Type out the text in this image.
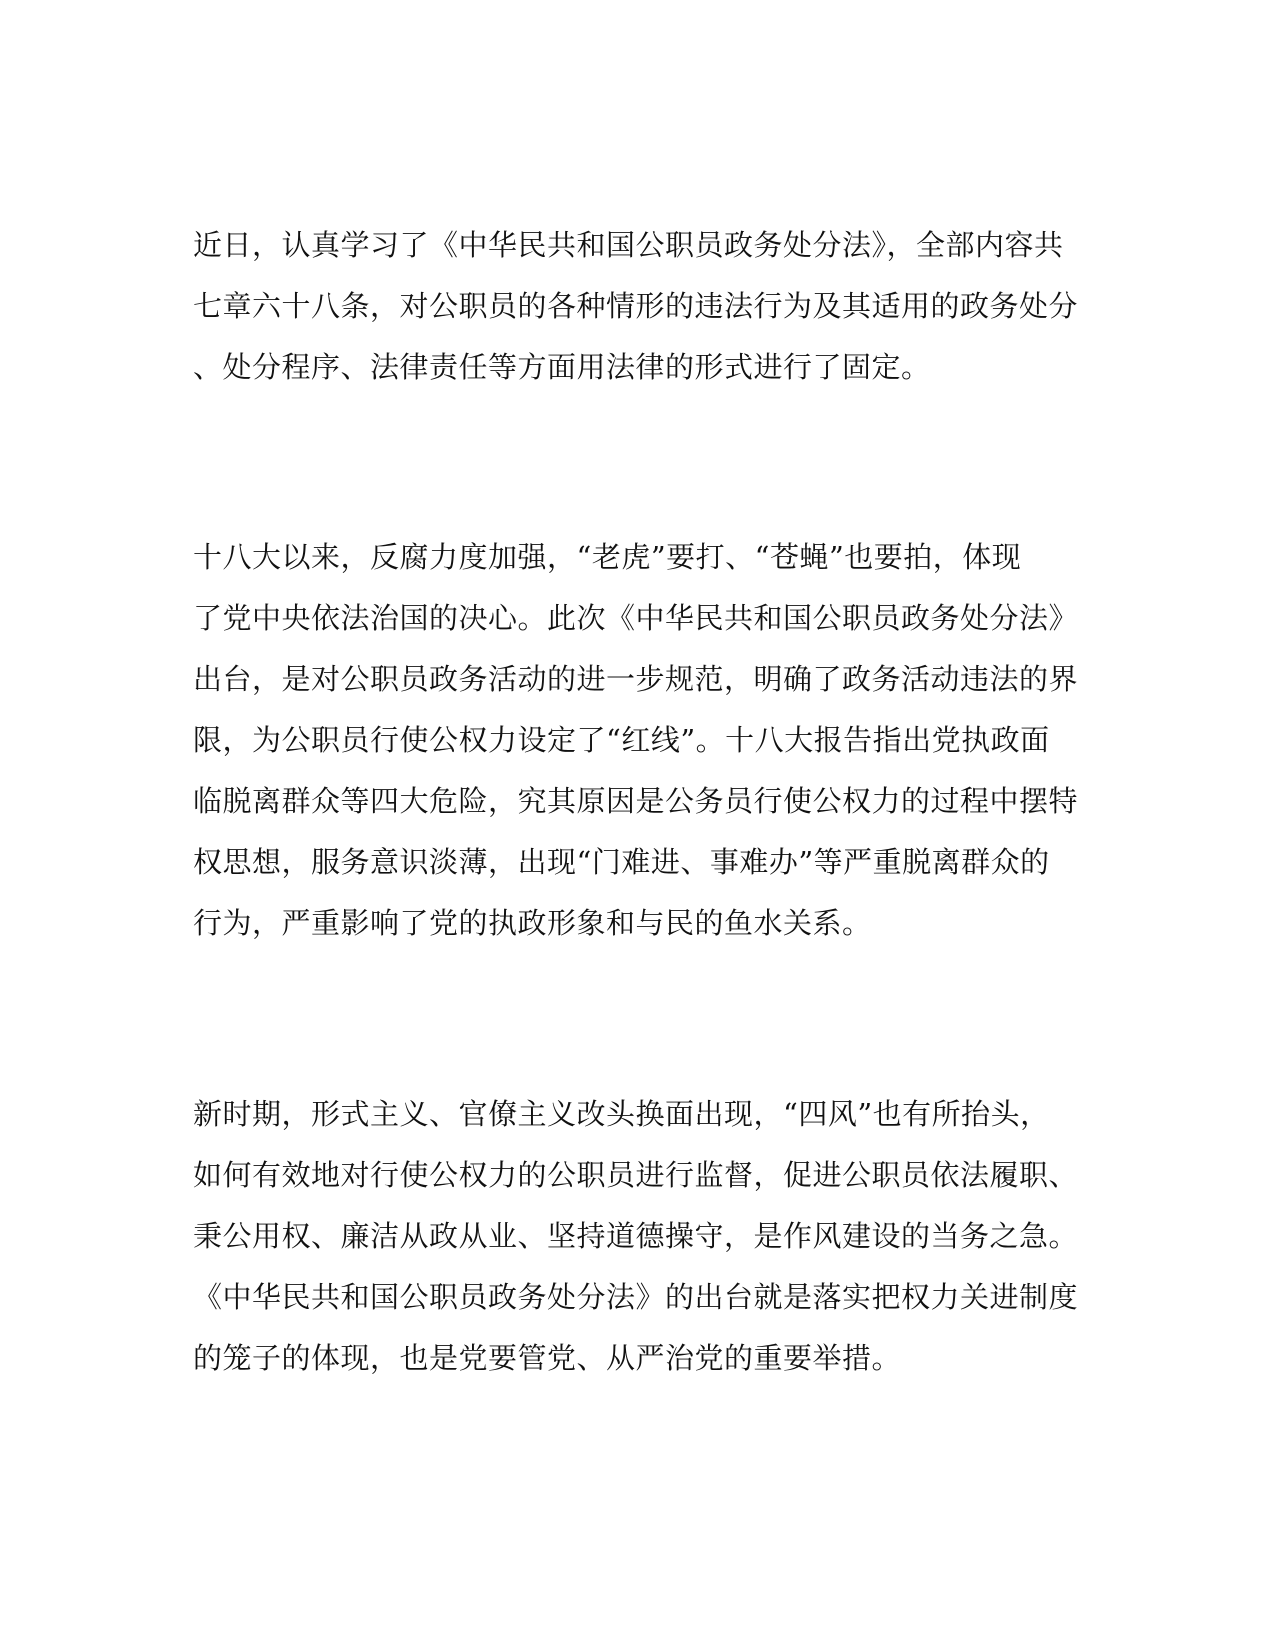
近日，认真学习了《中华民共和国公职员政务处分法》，全部内容共
七章六十八条，对公职员的各种情形的违法行为及其适用的政务处分
、处分程序、法律责任等方面用法律的形式进行了固定。
十八大以来，反腐力度加强，“老虎”要打、“苍蝇”也要拍，体现
了党中央依法治国的决心。此次《中华民共和国公职员政务处分法》
出台，是对公职员政务活动的进一步规范，明确了政务活动违法的界
限，为公职员行使公权力设定了“红线”。十八大报告指出党执政面
临脱离群众等四大危险，究其原因是公务员行使公权力的过程中摆特
权思想，服务意识淡薄，出现“门难进、事难办”等严重脱离群众的
行为，严重影响了党的执政形象和与民的鱼水关系。
新时期，形式主义、官僚主义改头换面出现，“四风”也有所抬头，
如何有效地对行使公权力的公职员进行监督，促进公职员依法履职、
秉公用权、廉洁从政从业、坚持道德操守，是作风建设的当务之急。
《中华民共和国公职员政务处分法》的出台就是落实把权力关进制度
的笼子的体现，也是党要管党、从严治党的重要举措。
